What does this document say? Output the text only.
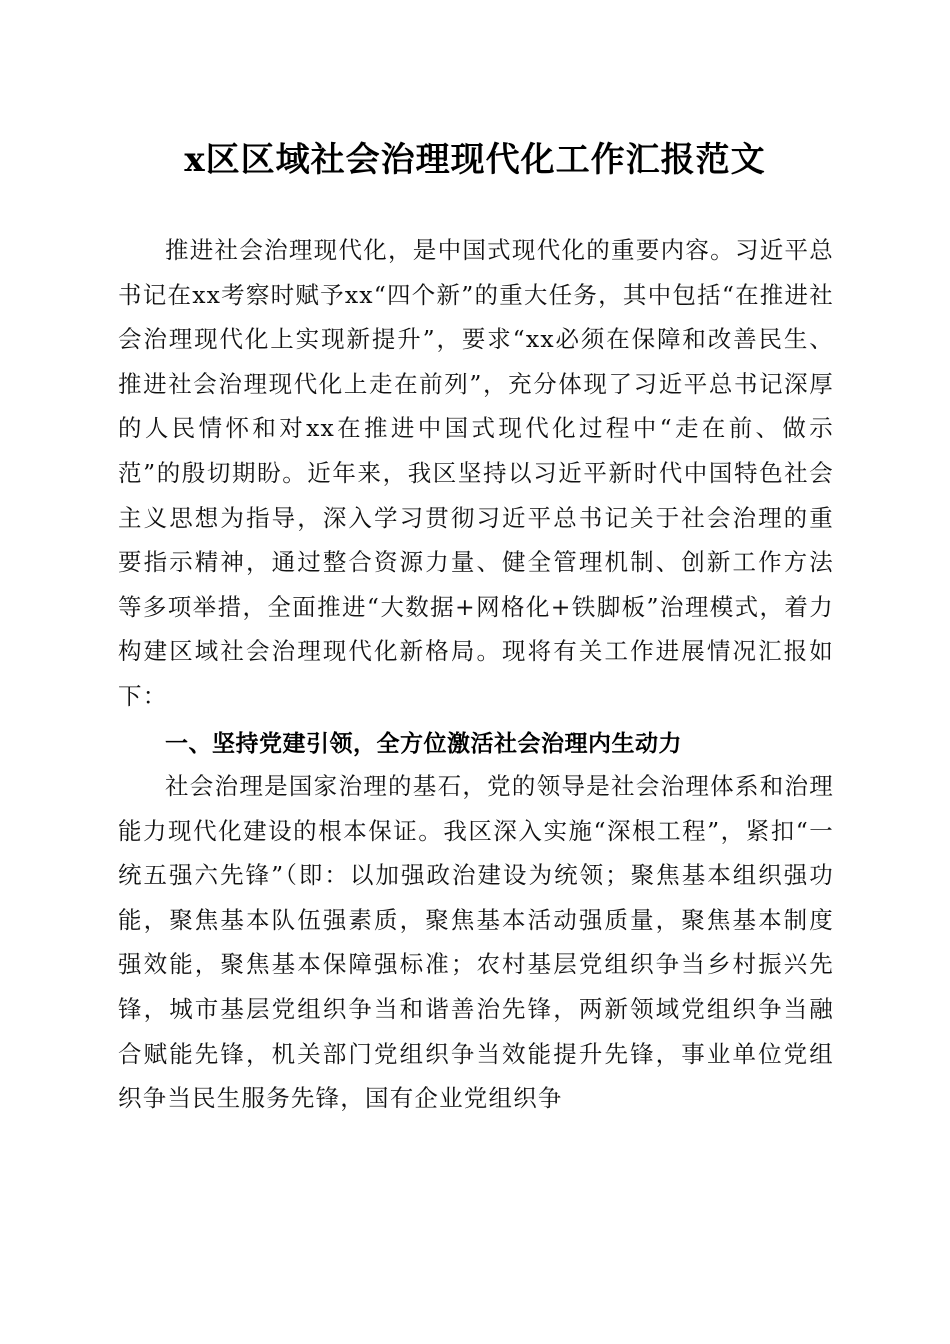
x区区域社会治理现代化工作汇报范文

推进社会治理现代化，是中国式现代化的重要内容。习近平总书记在xx考察时赋予xx“四个新”的重大任务，其中包括“在推进社会治理现代化上实现新提升”，要求“xx必须在保障和改善民生、推进社会治理现代化上走在前列”，充分体现了习近平总书记深厚的人民情怀和对xx在推进中国式现代化过程中“走在前、做示范”的殷切期盼。近年来，我区坚持以习近平新时代中国特色社会主义思想为指导，深入学习贯彻习近平总书记关于社会治理的重要指示精神，通过整合资源力量、健全管理机制、创新工作方法等多项举措，全面推进“大数据+网格化+铁脚板”治理模式，着力构建区域社会治理现代化新格局。现将有关工作进展情况汇报如下：

一、坚持党建引领，全方位激活社会治理内生动力

社会治理是国家治理的基石，党的领导是社会治理体系和治理能力现代化建设的根本保证。我区深入实施“深根工程”，紧扣“一统五强六先锋”（即：以加强政治建设为统领；聚焦基本组织强功能，聚焦基本队伍强素质，聚焦基本活动强质量，聚焦基本制度强效能，聚焦基本保障强标准；农村基层党组织争当乡村振兴先锋，城市基层党组织争当和谐善治先锋，两新领域党组织争当融合赋能先锋，机关部门党组织争当效能提升先锋，事业单位党组织争当民生服务先锋，国有企业党组织争
